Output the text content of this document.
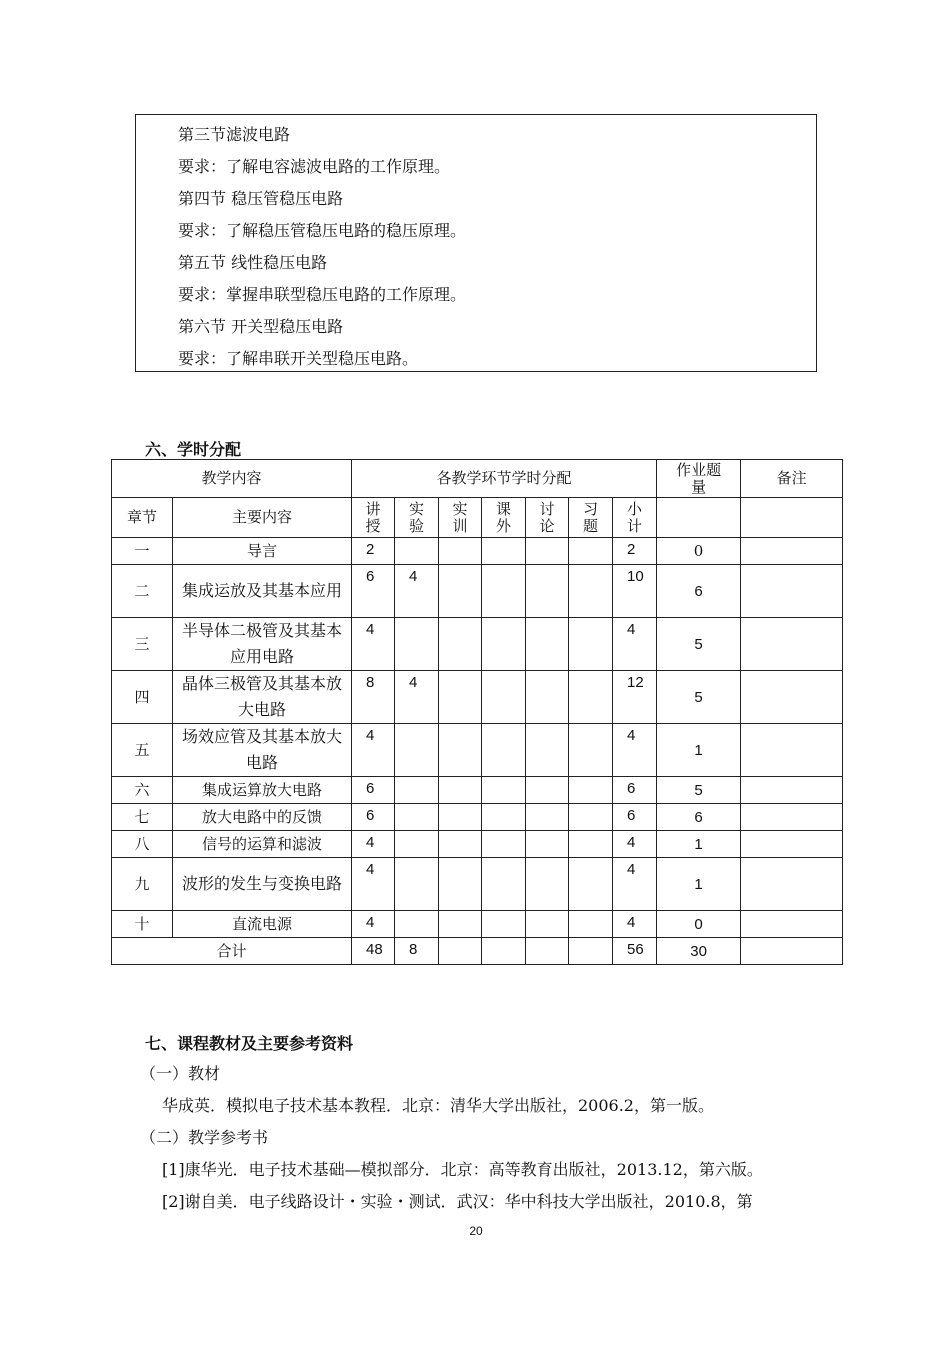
第三节滤波电路
要求：了解电容滤波电路的工作原理。
第四节 稳压管稳压电路
要求：了解稳压管稳压电路的稳压原理。
第五节 线性稳压电路
要求：掌握串联型稳压电路的工作原理。
第六节 开关型稳压电路
要求：了解串联开关型稳压电路。
六、学时分配
教学内容		各教学环节学时分配							作业题量	备注
章节	主要内容	讲授	实验	实训	课外	讨论	习题	小计		
一	导言	2						2	0	
二	集成运放及其基本应用	6	4					10	6	
三	半导体二极管及其基本应用电路	4						4	5	
四	晶体三极管及其基本放大电路	8	4					12	5	
五	场效应管及其基本放大电路	4						4	1	
六	集成运算放大电路	6						6	5	
七	放大电路中的反馈	6						6	6	
八	信号的运算和滤波	4						4	1	
九	波形的发生与变换电路	4						4	1	
十	直流电源	4						4	0	
合计		48	8					56	30	
七、课程教材及主要参考资料
（一）教材
华成英．模拟电子技术基本教程．北京：清华大学出版社，2006.2，第一版。
（二）教学参考书
[1]康华光．电子技术基础—模拟部分．北京：高等教育出版社，2013.12，第六版。
[2]谢自美．电子线路设计・实验・测试．武汉：华中科技大学出版社，2010.8，第
20
